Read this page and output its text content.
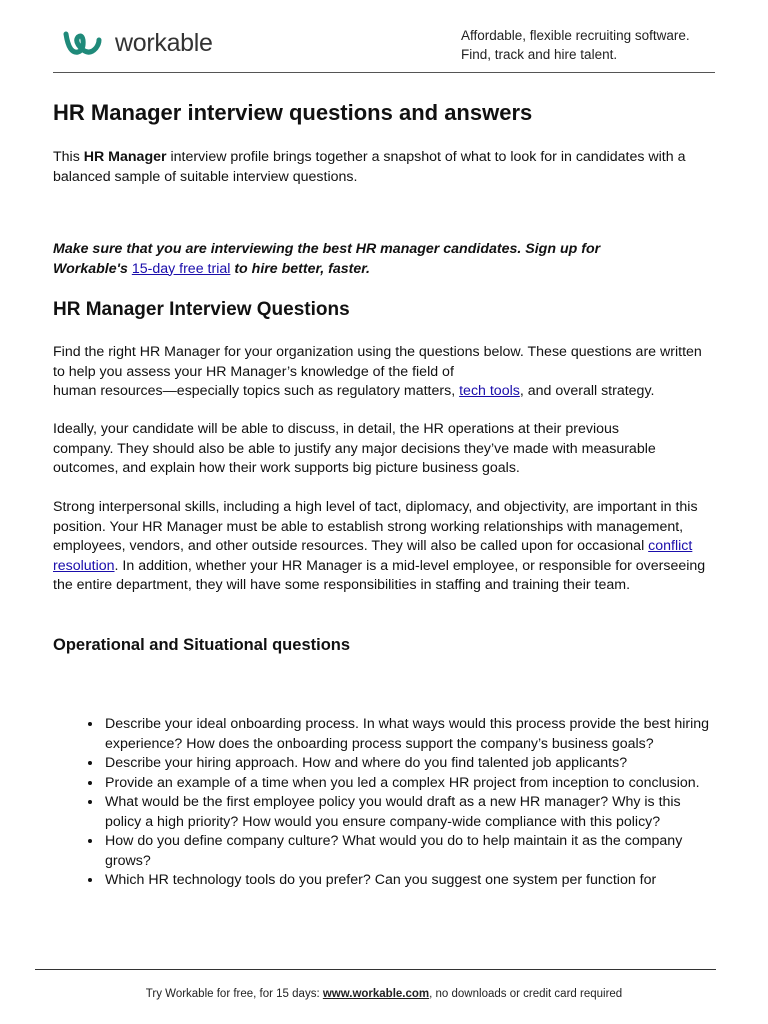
workable	Affordable, flexible recruiting software.
Find, track and hire talent.
HR Manager interview questions and answers

This HR Manager interview profile brings together a snapshot of what to look for in candidates with a balanced sample of suitable interview questions.

Make sure that you are interviewing the best HR manager candidates. Sign up for Workable's 15-day free trial to hire better, faster.

HR Manager Interview Questions

Find the right HR Manager for your organization using the questions below. These questions are written to help you assess your HR Manager’s knowledge of the field of
human resources—especially topics such as regulatory matters, tech tools, and overall strategy.

Ideally, your candidate will be able to discuss, in detail, the HR operations at their previous company. They should also be able to justify any major decisions they’ve made with measurable outcomes, and explain how their work supports big picture business goals.

Strong interpersonal skills, including a high level of tact, diplomacy, and objectivity, are important in this position. Your HR Manager must be able to establish strong working relationships with management, employees, vendors, and other outside resources. They will also be called upon for occasional conflict resolution. In addition, whether your HR Manager is a mid-level employee, or responsible for overseeing the entire department, they will have some responsibilities in staffing and training their team.

Operational and Situational questions
• Describe your ideal onboarding process. In what ways would this process provide the best hiring experience? How does the onboarding process support the company’s business goals?
• Describe your hiring approach. How and where do you find talented job applicants?
• Provide an example of a time when you led a complex HR project from inception to conclusion.
• What would be the first employee policy you would draft as a new HR manager? Why is this policy a high priority? How would you ensure company-wide compliance with this policy?
• How do you define company culture? What would you do to help maintain it as the company grows?
• Which HR technology tools do you prefer? Can you suggest one system per function for
Try Workable for free, for 15 days: www.workable.com, no downloads or credit card required
